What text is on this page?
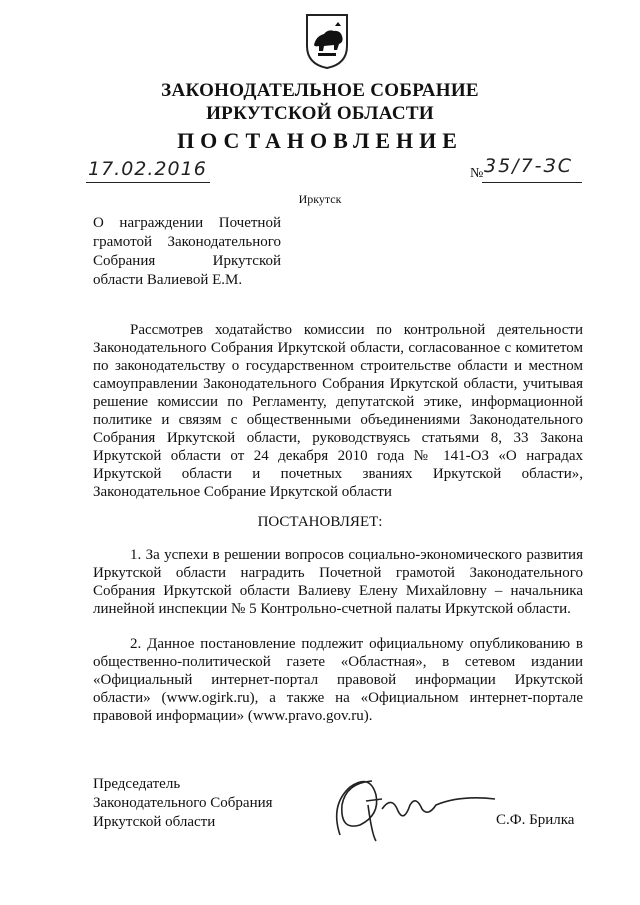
ЗАКОНОДАТЕЛЬНОЕ СОБРАНИЕ
ИРКУТСКОЙ ОБЛАСТИ
ПОСТАНОВЛЕНИЕ
17.02.2016	№ 35/7-ЗС
Иркутск

О награждении Почетной грамотой Законодательного Собрания Иркутской области Валиевой Е.М.

Рассмотрев ходатайство комиссии по контрольной деятельности Законодательного Собрания Иркутской области, согласованное с комитетом по законодательству о государственном строительстве области и местном самоуправлении Законодательного Собрания Иркутской области, учитывая решение комиссии по Регламенту, депутатской этике, информационной политике и связям с общественными объединениями Законодательного Собрания Иркутской области, руководствуясь статьями 8, 33 Закона Иркутской области от 24 декабря 2010 года № 141-ОЗ «О наградах Иркутской области и почетных званиях Иркутской области», Законодательное Собрание Иркутской области

ПОСТАНОВЛЯЕТ:

1. За успехи в решении вопросов социально-экономического развития Иркутской области наградить Почетной грамотой Законодательного Собрания Иркутской области Валиеву Елену Михайловну – начальника линейной инспекции № 5 Контрольно-счетной палаты Иркутской области.

2. Данное постановление подлежит официальному опубликованию в общественно-политической газете «Областная», в сетевом издании «Официальный интернет-портал правовой информации Иркутской области» (www.ogirk.ru), а также на «Официальном интернет-портале правовой информации» (www.pravo.gov.ru).

Председатель
Законодательного Собрания
Иркутской области	С.Ф. Брилка
